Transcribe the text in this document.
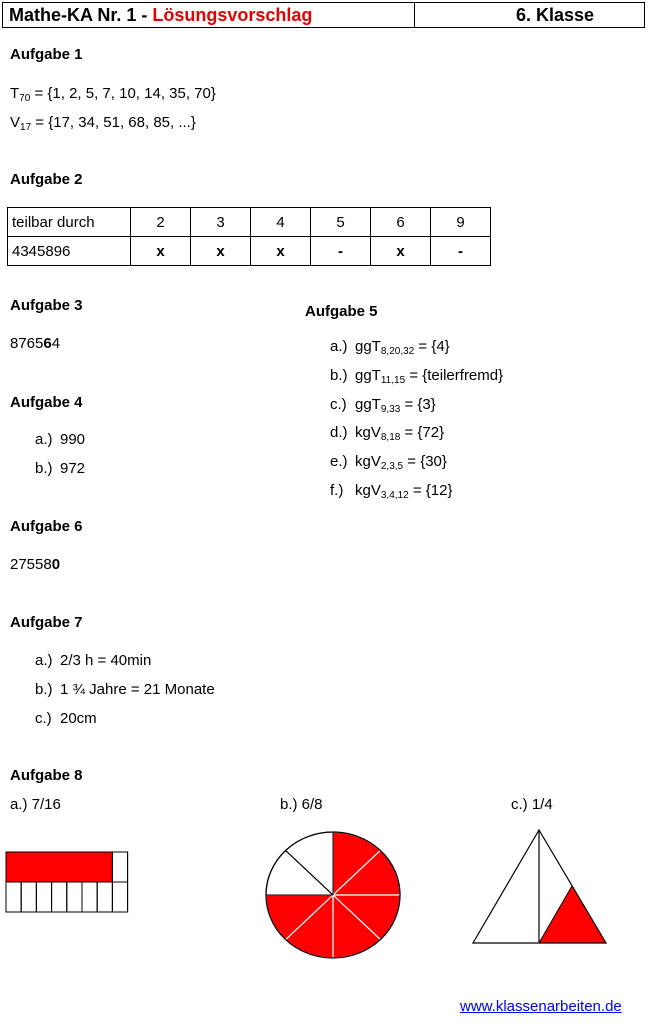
Mathe-KA Nr. 1 - Lösungsvorschlag	6. Klasse
Aufgabe 1
$T_{70} = \{1$, 2, 5, 7, 10, 14, 35, 70}
$V_{17} = \{17$, 34, 51, 68, 85, ...}
Aufgabe 2
teilbar durch	2	3	4	5	6	9
4345896	x	x	x	-	x	-
Aufgabe 3
876564
Aufgabe 4
a.) 990
b.) 972
Aufgabe 5
a.) ggT$_{8,20,32}$ = {4}
b.) ggT$_{11,15}$ = {teilerfremd}
c.) ggT$_{9,33}$ = {3}
d.) kgV$_{8,18}$ = {72}
e.) kgV$_{2,3,5}$ = {30}
f.) kgV$_{3,4,12}$ = {12}
Aufgabe 6
275580
Aufgabe 7
a.) 2/3 h = 40min
b.) 1 ¾ Jahre = 21 Monate
c.) 20cm
Aufgabe 8
a.) 7/16	b.) 6/8	c.) 1/4
www.klassenarbeiten.de
